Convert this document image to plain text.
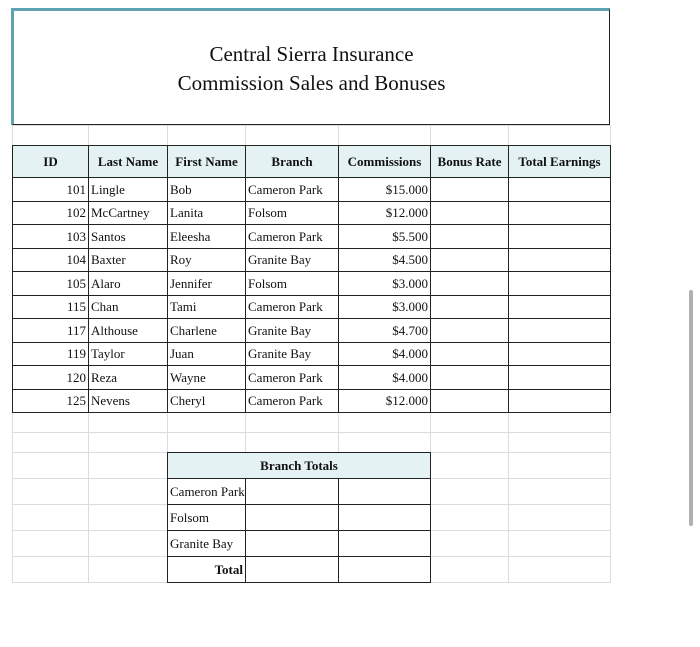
Central Sierra Insurance
Commission Sales and Bonuses
ID	Last Name	First Name	Branch	Commissions	Bonus Rate	Total Earnings
101 Lingle	Bob	Cameron Park	$15.000
102 McCartney	Lanita	Folsom	$12.000
103 Santos	Eleesha	Cameron Park	$5.500
104 Baxter	Roy	Granite Bay	$4.500
105 Alaro	Jennifer	Folsom	$3.000
115 Chan	Tami	Cameron Park	$3.000
117 Althouse	Charlene	Granite Bay	$4.700
119 Taylor	Juan	Granite Bay	$4.000
120 Reza	Wayne	Cameron Park	$4.000
125 Nevens	Cheryl	Cameron Park	$12.000
Branch Totals
Cameron Park
Folsom
Granite Bay
Total
